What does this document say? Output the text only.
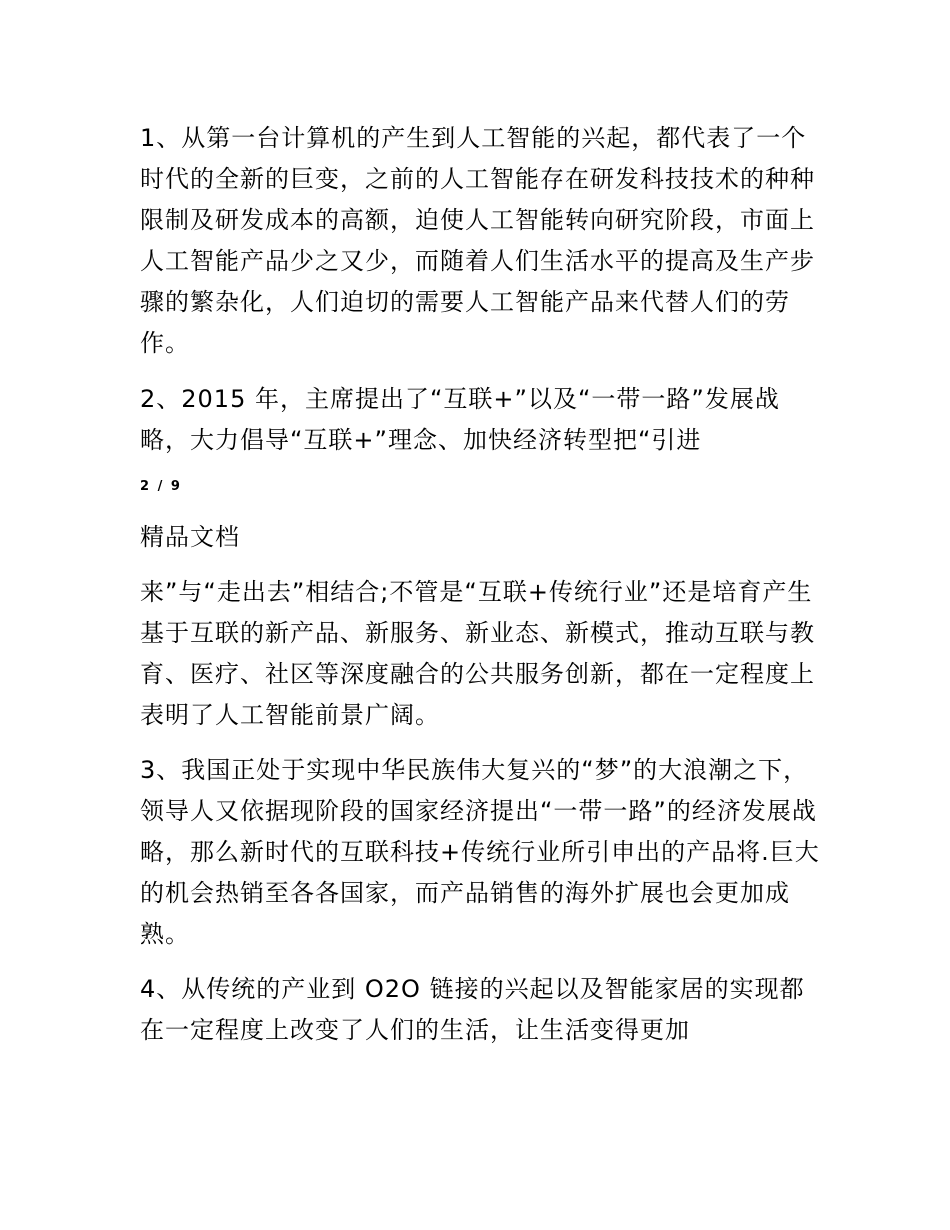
1、从第一台计算机的产生到人工智能的兴起，都代表了一个时代的全新的巨变，之前的人工智能存在研发科技技术的种种限制及研发成本的高额，迫使人工智能转向研究阶段，市面上人工智能产品少之又少，而随着人们生活水平的提高及生产步骤的繁杂化，人们迫切的需要人工智能产品来代替人们的劳作。

2、2015 年，主席提出了“互联+”以及“一带一路”发展战略，大力倡导“互联+”理念、加快经济转型把“引进

2 / 9
精品文档

来”与“走出去”相结合;不管是“互联+传统行业”还是培育产生基于互联的新产品、新服务、新业态、新模式，推动互联与教育、医疗、社区等深度融合的公共服务创新，都在一定程度上表明了人工智能前景广阔。

3、我国正处于实现中华民族伟大复兴的“梦”的大浪潮之下，领导人又依据现阶段的国家经济提出“一带一路”的经济发展战略，那么新时代的互联科技+传统行业所引申出的产品将.巨大的机会热销至各各国家，而产品销售的海外扩展也会更加成熟。

4、从传统的产业到 O2O 链接的兴起以及智能家居的实现都在一定程度上改变了人们的生活，让生活变得更加
